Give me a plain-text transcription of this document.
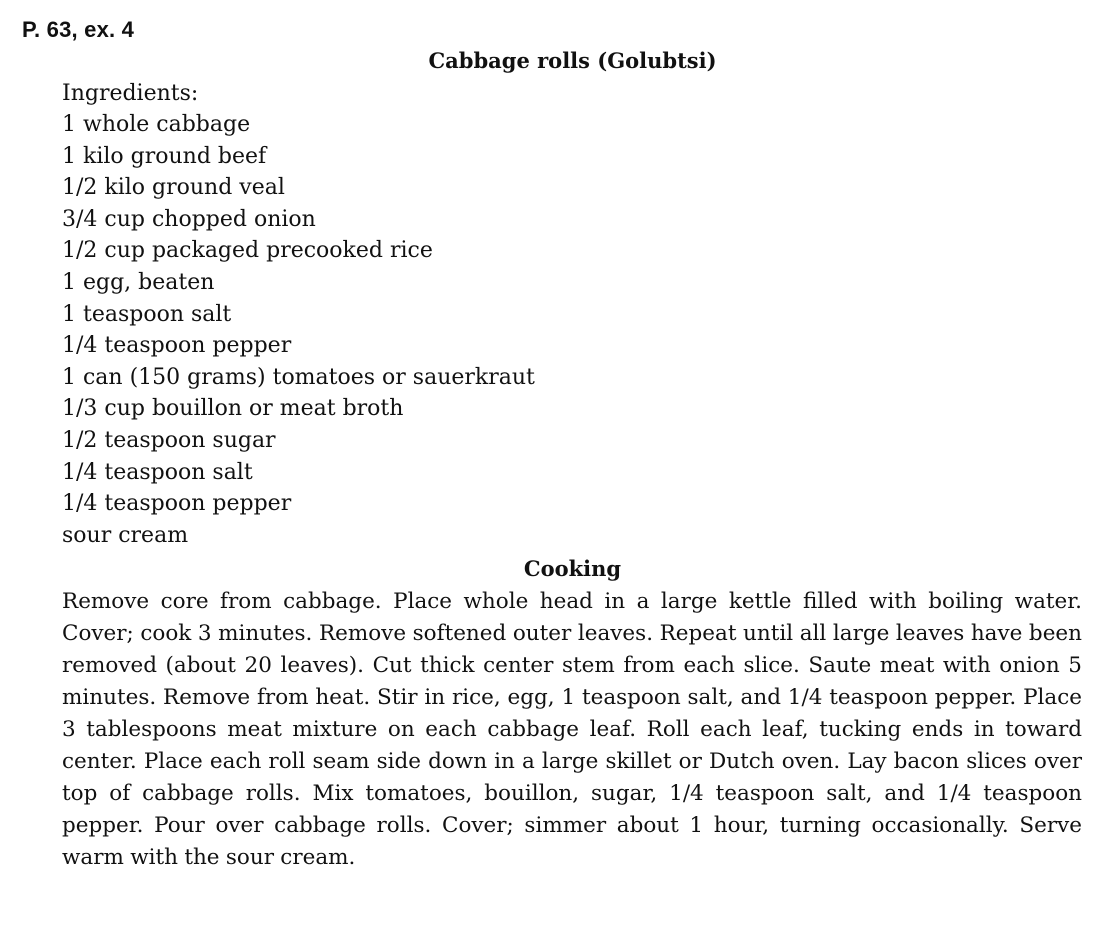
P. 63, ex. 4
Cabbage rolls (Golubtsi)

Ingredients:

1 whole cabbage
1 kilo ground beef
1/2 kilo ground veal
3/4 cup chopped onion
1/2 cup packaged precooked rice
1 egg, beaten
1 teaspoon salt
1/4 teaspoon pepper
1 can (150 grams) tomatoes or sauerkraut
1/3 cup bouillon or meat broth
1/2 teaspoon sugar
1/4 teaspoon salt
1/4 teaspoon pepper
sour cream
Cooking

Remove core from cabbage. Place whole head in a large kettle filled with boiling water. Cover; cook 3 minutes. Remove softened outer leaves. Repeat until all large leaves have been removed (about 20 leaves). Cut thick center stem from each slice. Saute meat with onion 5 minutes. Remove from heat. Stir in rice, egg, 1 teaspoon salt, and 1/4 teaspoon pepper. Place 3 tablespoons meat mixture on each cabbage leaf. Roll each leaf, tucking ends in toward center. Place each roll seam side down in a large skillet or Dutch oven. Lay bacon slices over top of cabbage rolls. Mix tomatoes, bouillon, sugar, 1/4 teaspoon salt, and 1/4 teaspoon pepper. Pour over cabbage rolls. Cover; simmer about 1 hour, turning occasionally. Serve warm with the sour cream.
